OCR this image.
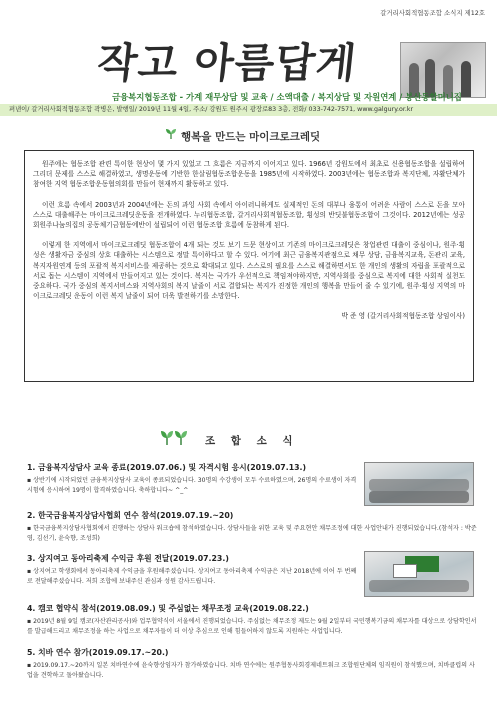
갈거리사회적협동조합 소식지 제12호
작고 아름답게
금융복지협동조합 - 가계 재무상담 및 교육 / 소액대출 / 복지상담 및 자원연계 / 봉산동할머니집
펴낸이/ 갈거리사회적협동조합 곽병은, 발행일/ 2019년 11월 4일, 주소/ 강원도 원주시 광장로83 3층, 전화/ 033-742-7571, www.galgury.or.kr
행복을 만드는 마이크로크레딧

원주에는 협동조합 관련 특이한 현상이 몇 가지 있었고 그 흐름은 지금까지 이어지고 있다. 1966년 강원도에서 최초로 신용협동조합을 설립하여 그리더 문제를 스스로 해결하였고, 생명운동에 기반한 한살림협동조합운동을 1985년에 시작하였다. 2003년에는 협동조합과 복지단체, 자활단체가 참여한 지역 협동조합운동협의회를 만들어 현재까지 활동하고 있다.

이런 흐름 속에서 2003년과 2004년에는 돈의 과잉 사회 속에서 아이러니하게도 실제적인 돈의 대부나 융통이 어려운 사람이 스스로 돈을 모아 스스로 대출해주는 마이크로크레딧운동을 전개하였다. 누리협동조합, 갈거리사회적협동조합, 횡성의 반딧불협동조합이 그것이다. 2012년에는 성공회원주나눔의집의 공동체기금협동에반이 설립되어 이런 협동조합 흐름에 동참하게 된다.

이렇게 한 지역에서 마이크로크레딧 협동조합이 4개 되는 것도 보기 드문 현상이고 기존의 마이크로크레딧은 창업관련 대출이 중심이나, 원주·횡성은 생활자금 중심의 상호 대출하는 시스템으로 정말 특이하다고 할 수 있다. 여기에 최근 금융복지관점으로 채무 상담, 금융복지교육, 돈관리 교육, 복지자원연계 등의 포괄적 복지서비스를 제공하는 것으로 확대되고 있다. 스스로의 필요를 스스로 해결하면서도 한 개인의 생활의 자립을 포괄적으로 서로 돕는 시스템이 지역에서 만들어지고 있는 것이다. 복지는 국가가 우선적으로 책임져야하지만, 지역사회를 중심으로 복지에 대한 사회적 실천도 중요하다. 국가 중심의 복지서비스와 지역사회의 복지 날줄이 서로 결합되는 복지가 진정한 개인의 행복을 만들어 줄 수 있기에, 원주·횡성 지역의 마이크로크레딧 운동이 이런 복지 날줄이 되어 더욱 발전하기를 소망한다.

박 준 영 (갈거리사회적협동조합 상임이사)

조 합 소 식
1. 금융복지상담사 교육 종료(2019.07.06.) 및 자격시험 응시(2019.07.13.)
▪ 상반기에 시작되었던 금융복지상담사 교육이 종료되었습니다. 30명의 수강생이 모두 수료하였으며, 26명의 수료생이 자격시험에 응시하여 19명이 합격하였습니다. 축하합니다~ ^_^
2. 한국금융복지상담사협회 연수 참석(2019.07.19.~20)
▪ 한국금융복지상담사협회에서 진행하는 상담사 워크숍에 참석하였습니다. 상담사들을 위한 교육 및 주요현안 채무조정에 대한 사업안내가 진행되었습니다.(참석자 : 박준영, 김선기, 윤숙향, 조성희)
3. 상지여고 동아리축제 수익금 후원 전달(2019.07.23.)
▪ 상지여고 학생회에서 동아리축제 수익금을 후원해주셨습니다. 상지여고 동아리축제 수익금은 지난 2018년에 이어 두 번째로 전달해주셨습니다. 저희 조합에 보내주신 관심과 성원 감사드립니다.
4. 캠코 협약식 참석(2019.08.09.) 및 주심없는 채무조정 교육(2019.08.22.)
▪ 2019년 8월 9일 캠코(자산관리공사)와 업무협약식이 서울에서 진행되었습니다. 주심없는 채무조정 제도는 9월 2일부터 국민행복기금의 채무자를 대상으로 상담학인서를 발급해드리고 채무조정을 하는 사업으로 채무자들이 더 이상 추심으로 인해 힘들어하지 않도록 지원하는 사업입니다.
5. 치바 연수 참가(2019.09.17.~20.)
▪ 2019.09.17.~20까지 일본 치바연수에 윤숙향상임자가 참가하였습니다. 치바 연수에는 원주협동사회경제네트워크 조합원단체의 임직원이 참석했으며, 치바클럽의 사업을 견학하고 돌아왔습니다.
